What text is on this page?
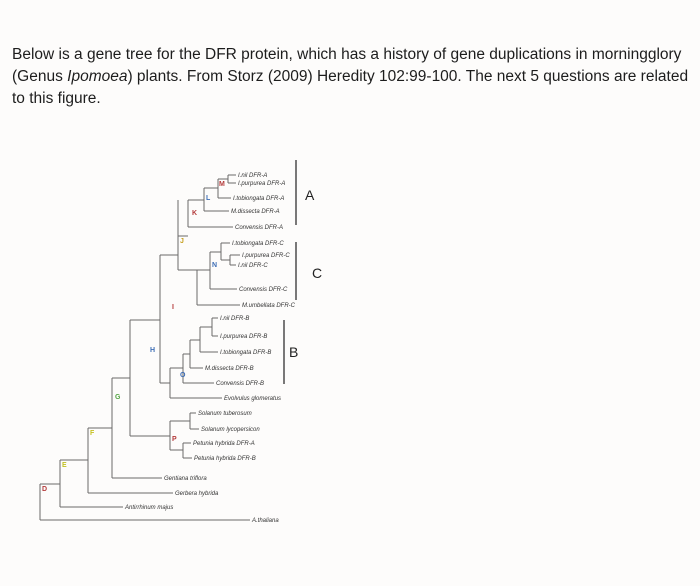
Below is a gene tree for the DFR protein, which has a history of gene duplications in morningglory (Genus Ipomoea) plants. From Storz (2009) Heredity 102:99-100. The next 5 questions are related to this figure.

I.nil DFR-A
I.purpurea DFR-A
I.tobiongata DFR-A
M.dissecta DFR-A
Convensis DFR-A
I.tobiongata DFR-C
I.purpurea DFR-C
I.nil DFR-C
Convensis DFR-C
M.umbellata DFR-C
I.nil DFR-B
I.purpurea DFR-B
I.tobiongata DFR-B
M.dissecta DFR-B
Convensis DFR-B
Evolvulus glomeratus
Solanum tuberosum
Solanum lycopersicon
Petunia hybrida DFR-A
Petunia hybrida DFR-B
Gentiana triflora
Gerbera hybrida
Antirrhinum majus
A.thaliana
D
E
F
G
H
I
J
K
L
M
N
O
P
A
C
B
